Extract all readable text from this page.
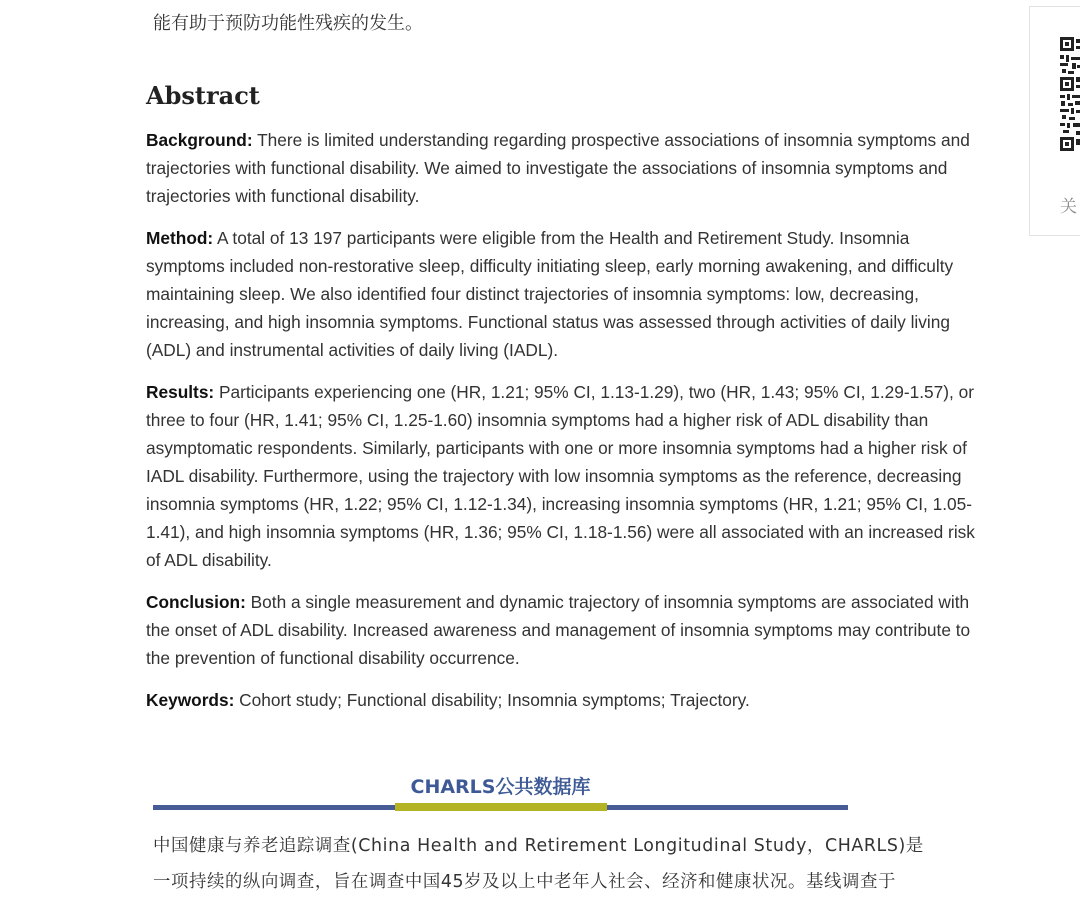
能有助于预防功能性残疾的发生。
Abstract

Background: There is limited understanding regarding prospective associations of insomnia symptoms and trajectories with functional disability. We aimed to investigate the associations of insomnia symptoms and trajectories with functional disability.

Method: A total of 13 197 participants were eligible from the Health and Retirement Study. Insomnia symptoms included non-restorative sleep, difficulty initiating sleep, early morning awakening, and difficulty maintaining sleep. We also identified four distinct trajectories of insomnia symptoms: low, decreasing, increasing, and high insomnia symptoms. Functional status was assessed through activities of daily living (ADL) and instrumental activities of daily living (IADL).

Results: Participants experiencing one (HR, 1.21; 95% CI, 1.13-1.29), two (HR, 1.43; 95% CI, 1.29-1.57), or three to four (HR, 1.41; 95% CI, 1.25-1.60) insomnia symptoms had a higher risk of ADL disability than asymptomatic respondents. Similarly, participants with one or more insomnia symptoms had a higher risk of IADL disability. Furthermore, using the trajectory with low insomnia symptoms as the reference, decreasing insomnia symptoms (HR, 1.22; 95% CI, 1.12-1.34), increasing insomnia symptoms (HR, 1.21; 95% CI, 1.05-1.41), and high insomnia symptoms (HR, 1.36; 95% CI, 1.18-1.56) were all associated with an increased risk of ADL disability.

Conclusion: Both a single measurement and dynamic trajectory of insomnia symptoms are associated with the onset of ADL disability. Increased awareness and management of insomnia symptoms may contribute to the prevention of functional disability occurrence.

Keywords: Cohort study; Functional disability; Insomnia symptoms; Trajectory.

CHARLS公共数据库
中国健康与养老追踪调查(China Health and Retirement Longitudinal Study，CHARLS)是
一项持续的纵向调查，旨在调查中国45岁及以上中老年人社会、经济和健康状况。基线调查于
关
